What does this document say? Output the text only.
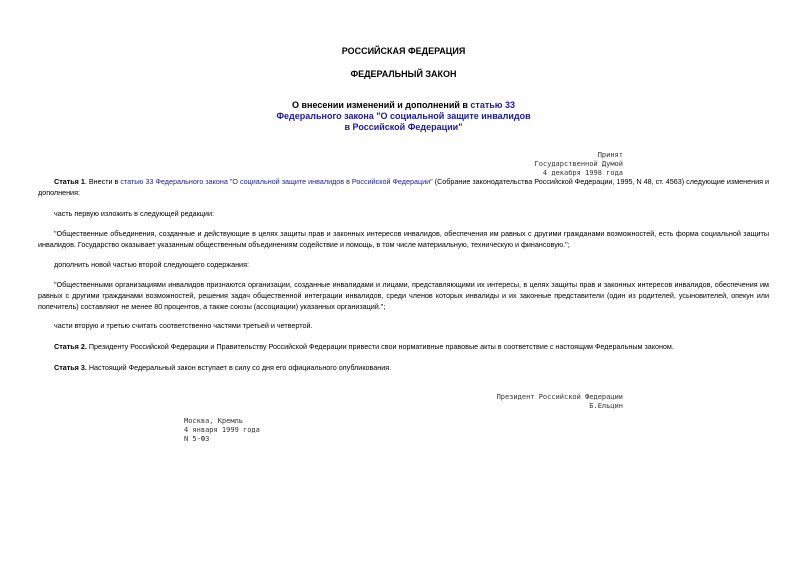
РОССИЙСКАЯ ФЕДЕРАЦИЯ
ФЕДЕРАЛЬНЫЙ ЗАКОН
О внесении изменений и дополнений в статью 33
Федерального закона "О социальной защите инвалидов
в Российской Федерации"
Принят
Государственной Думой
4 декабря 1998 года
Статья 1. Внести в статью 33 Федерального закона "О социальной защите инвалидов в Российской Федерации" (Собрание законодательства Российской Федерации, 1995, N 48, ст. 4563) следующие изменения и дополнения:
часть первую изложить в следующей редакции:
"Общественные объединения, созданные и действующие в целях защиты прав и законных интересов инвалидов, обеспечения им равных с другими гражданами возможностей, есть форма социальной защиты инвалидов. Государство оказывает указанным общественным объединениям содействие и помощь, в том числе материальную, техническую и финансовую.";
дополнить новой частью второй следующего содержания:
"Общественными организациями инвалидов признаются организации, созданные инвалидами и лицами, представляющими их интересы, в целях защиты прав и законных интересов инвалидов, обеспечения им равных с другими гражданами возможностей, решения задач общественной интеграции инвалидов, среди членов которых инвалиды и их законные представители (один из родителей, усыновителей, опекун или попечитель) составляют не менее 80 процентов, а также союзы (ассоциации) указанных организаций.";
части вторую и третью считать соответственно частями третьей и четвертой.
Статья 2. Президенту Российской Федерации и Правительству Российской Федерации привести свои нормативные правовые акты в соответствие с настоящим Федеральным законом.
Статья 3. Настоящий Федеральный закон вступает в силу со дня его официального опубликования.
Президент Российской Федерации
Б.Ельцин
Москва, Кремль
4 января 1999 года
N 5-ФЗ
